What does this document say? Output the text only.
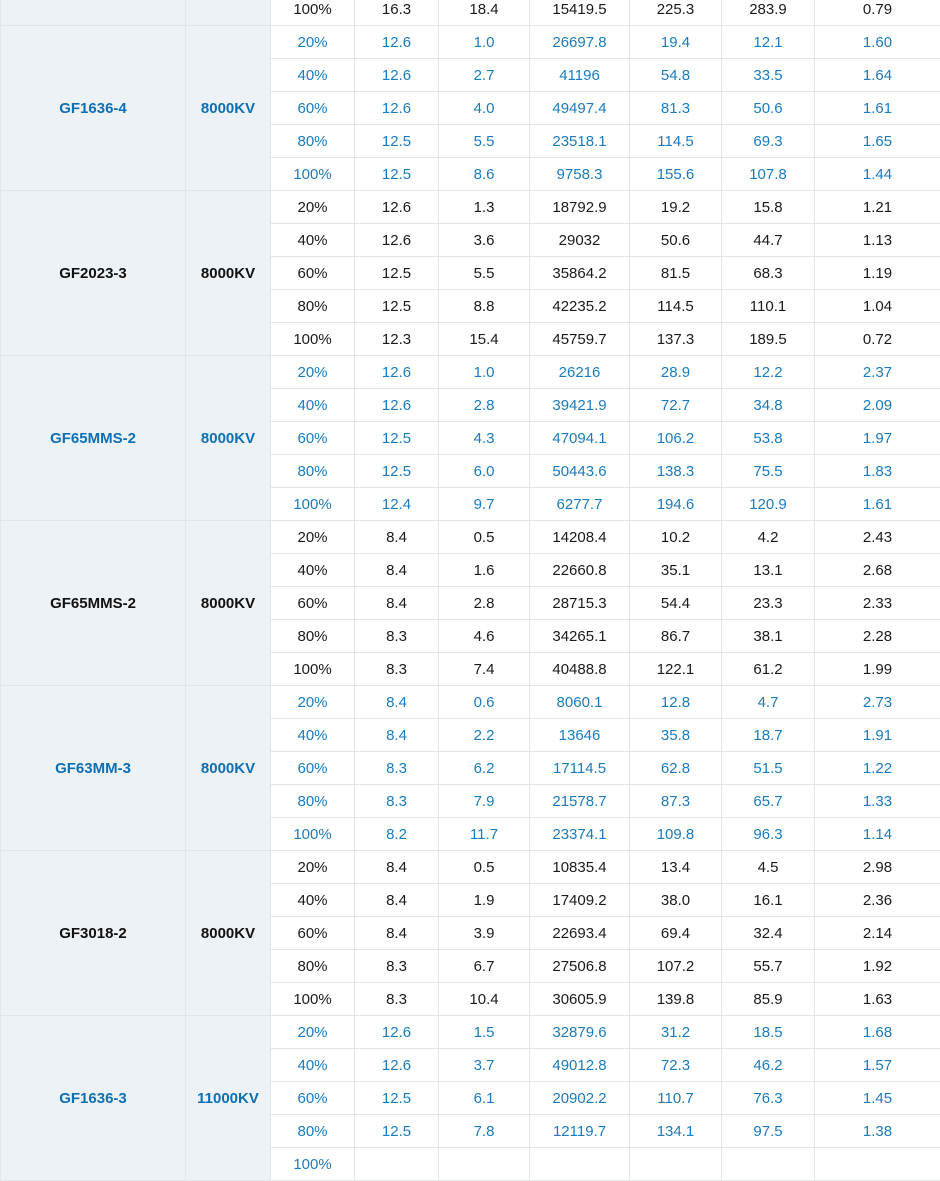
		100%	16.3	18.4	15419.5	225.3	283.9	0.79
GF1636-4	8000KV	20%	12.6	1.0	26697.8	19.4	12.1	1.60
		40%	12.6	2.7	41196	54.8	33.5	1.64
		60%	12.6	4.0	49497.4	81.3	50.6	1.61
		80%	12.5	5.5	23518.1	114.5	69.3	1.65
		100%	12.5	8.6	9758.3	155.6	107.8	1.44
GF2023-3	8000KV	20%	12.6	1.3	18792.9	19.2	15.8	1.21
		40%	12.6	3.6	29032	50.6	44.7	1.13
		60%	12.5	5.5	35864.2	81.5	68.3	1.19
		80%	12.5	8.8	42235.2	114.5	110.1	1.04
		100%	12.3	15.4	45759.7	137.3	189.5	0.72
GF65MMS-2	8000KV	20%	12.6	1.0	26216	28.9	12.2	2.37
		40%	12.6	2.8	39421.9	72.7	34.8	2.09
		60%	12.5	4.3	47094.1	106.2	53.8	1.97
		80%	12.5	6.0	50443.6	138.3	75.5	1.83
		100%	12.4	9.7	6277.7	194.6	120.9	1.61
GF65MMS-2	8000KV	20%	8.4	0.5	14208.4	10.2	4.2	2.43
		40%	8.4	1.6	22660.8	35.1	13.1	2.68
		60%	8.4	2.8	28715.3	54.4	23.3	2.33
		80%	8.3	4.6	34265.1	86.7	38.1	2.28
		100%	8.3	7.4	40488.8	122.1	61.2	1.99
GF63MM-3	8000KV	20%	8.4	0.6	8060.1	12.8	4.7	2.73
		40%	8.4	2.2	13646	35.8	18.7	1.91
		60%	8.3	6.2	17114.5	62.8	51.5	1.22
		80%	8.3	7.9	21578.7	87.3	65.7	1.33
		100%	8.2	11.7	23374.1	109.8	96.3	1.14
GF3018-2	8000KV	20%	8.4	0.5	10835.4	13.4	4.5	2.98
		40%	8.4	1.9	17409.2	38.0	16.1	2.36
		60%	8.4	3.9	22693.4	69.4	32.4	2.14
		80%	8.3	6.7	27506.8	107.2	55.7	1.92
		100%	8.3	10.4	30605.9	139.8	85.9	1.63
GF1636-3	11000KV	20%	12.6	1.5	32879.6	31.2	18.5	1.68
		40%	12.6	3.7	49012.8	72.3	46.2	1.57
		60%	12.5	6.1	20902.2	110.7	76.3	1.45
		80%	12.5	7.8	12119.7	134.1	97.5	1.38
		100%						
